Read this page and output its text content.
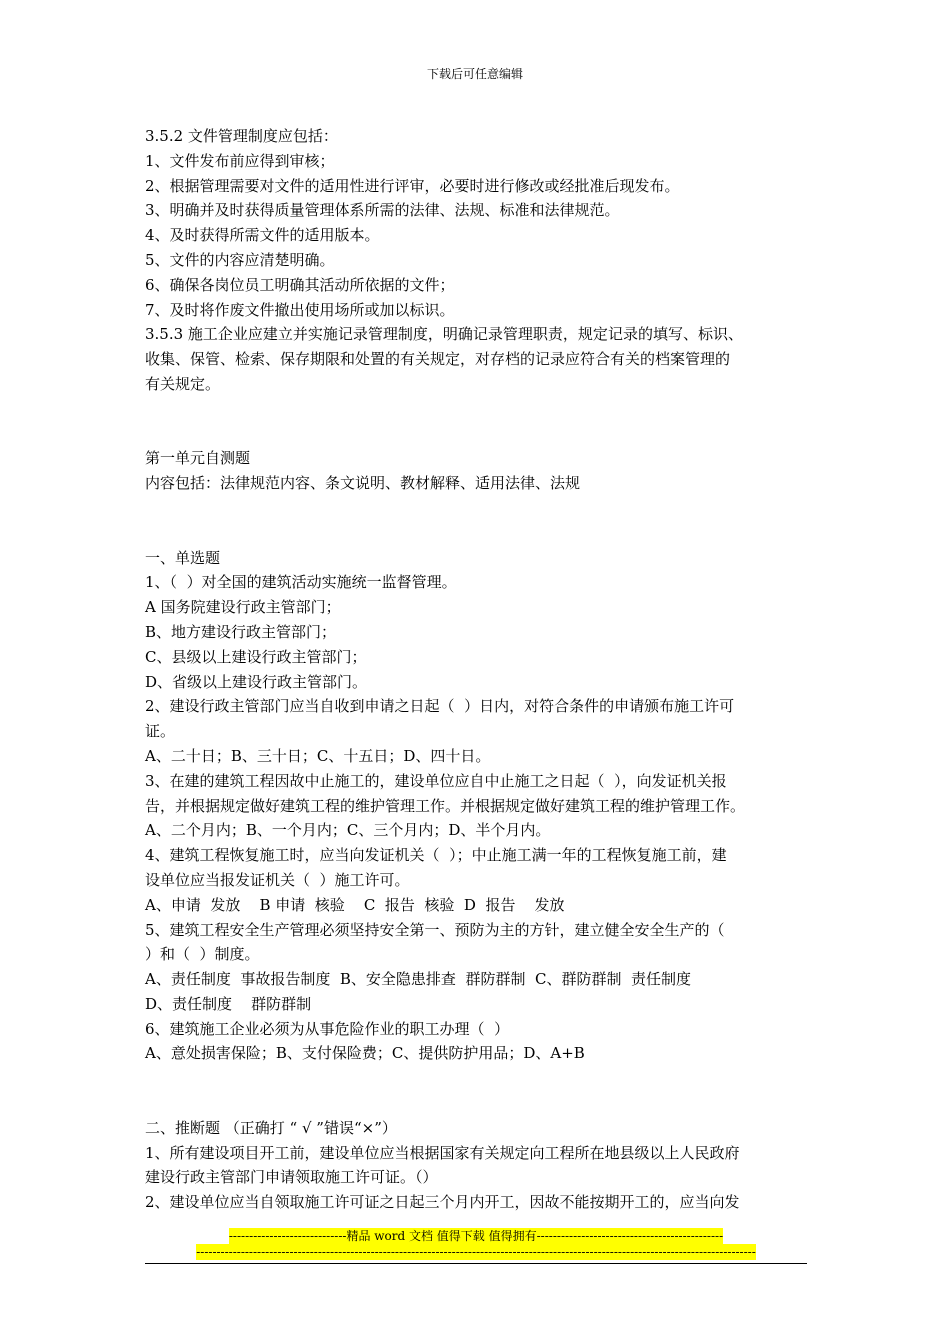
下载后可任意编辑

3.5.2 文件管理制度应包括：

1、文件发布前应得到审核；

2、根据管理需要对文件的适用性进行评审，必要时进行修改或经批准后现发布。

3、明确并及时获得质量管理体系所需的法律、法规、标准和法律规范。

4、及时获得所需文件的适用版本。

5、文件的内容应清楚明确。

6、确保各岗位员工明确其活动所依据的文件；

7、及时将作废文件撤出使用场所或加以标识。

3.5.3 施工企业应建立并实施记录管理制度，明确记录管理职责，规定记录的填写、标识、

收集、保管、检索、保存期限和处置的有关规定，对存档的记录应符合有关的档案管理的

有关规定。

第一单元自测题

内容包括：法律规范内容、条文说明、教材解释、适用法律、法规

一、单选题

1、（  ）对全国的建筑活动实施统一监督管理。

A 国务院建设行政主管部门；

B、地方建设行政主管部门；

C、县级以上建设行政主管部门；

D、省级以上建设行政主管部门。

2、建设行政主管部门应当自收到申请之日起（  ）日内，对符合条件的申请颁布施工许可

证。

A、二十日；B、三十日；C、十五日；D、四十日。

3、在建的建筑工程因故中止施工的，建设单位应自中止施工之日起（  ），向发证机关报

告，并根据规定做好建筑工程的维护管理工作。并根据规定做好建筑工程的维护管理工作。

A、二个月内；B、一个月内；C、三个月内；D、半个月内。

4、建筑工程恢复施工时，应当向发证机关（  ）；中止施工满一年的工程恢复施工前，建

设单位应当报发证机关（  ）施工许可。

A、申请  发放    B 申请  核验    C  报告  核验  D  报告    发放

5、建筑工程安全生产管理必须坚持安全第一、预防为主的方针，建立健全安全生产的（

）和（  ）制度。

A、责任制度  事故报告制度  B、安全隐患排查  群防群制  C、群防群制  责任制度

D、责任制度    群防群制

6、建筑施工企业必须为从事危险作业的职工办理（  ）

A、意处损害保险；B、支付保险费；C、提供防护用品；D、A+B

二、推断题 （正确打 “ √ ”错误“×”）

1、所有建设项目开工前，建设单位应当根据国家有关规定向工程所在地县级以上人民政府

建设行政主管部门申请领取施工许可证。（）

2、建设单位应当自领取施工许可证之日起三个月内开工，因故不能按期开工的，应当向发

-----------------------------精品 word 文档 值得下载 值得拥有----------------------------------------------
------------------------------------------------------------------------------------------------------------------------------------------
